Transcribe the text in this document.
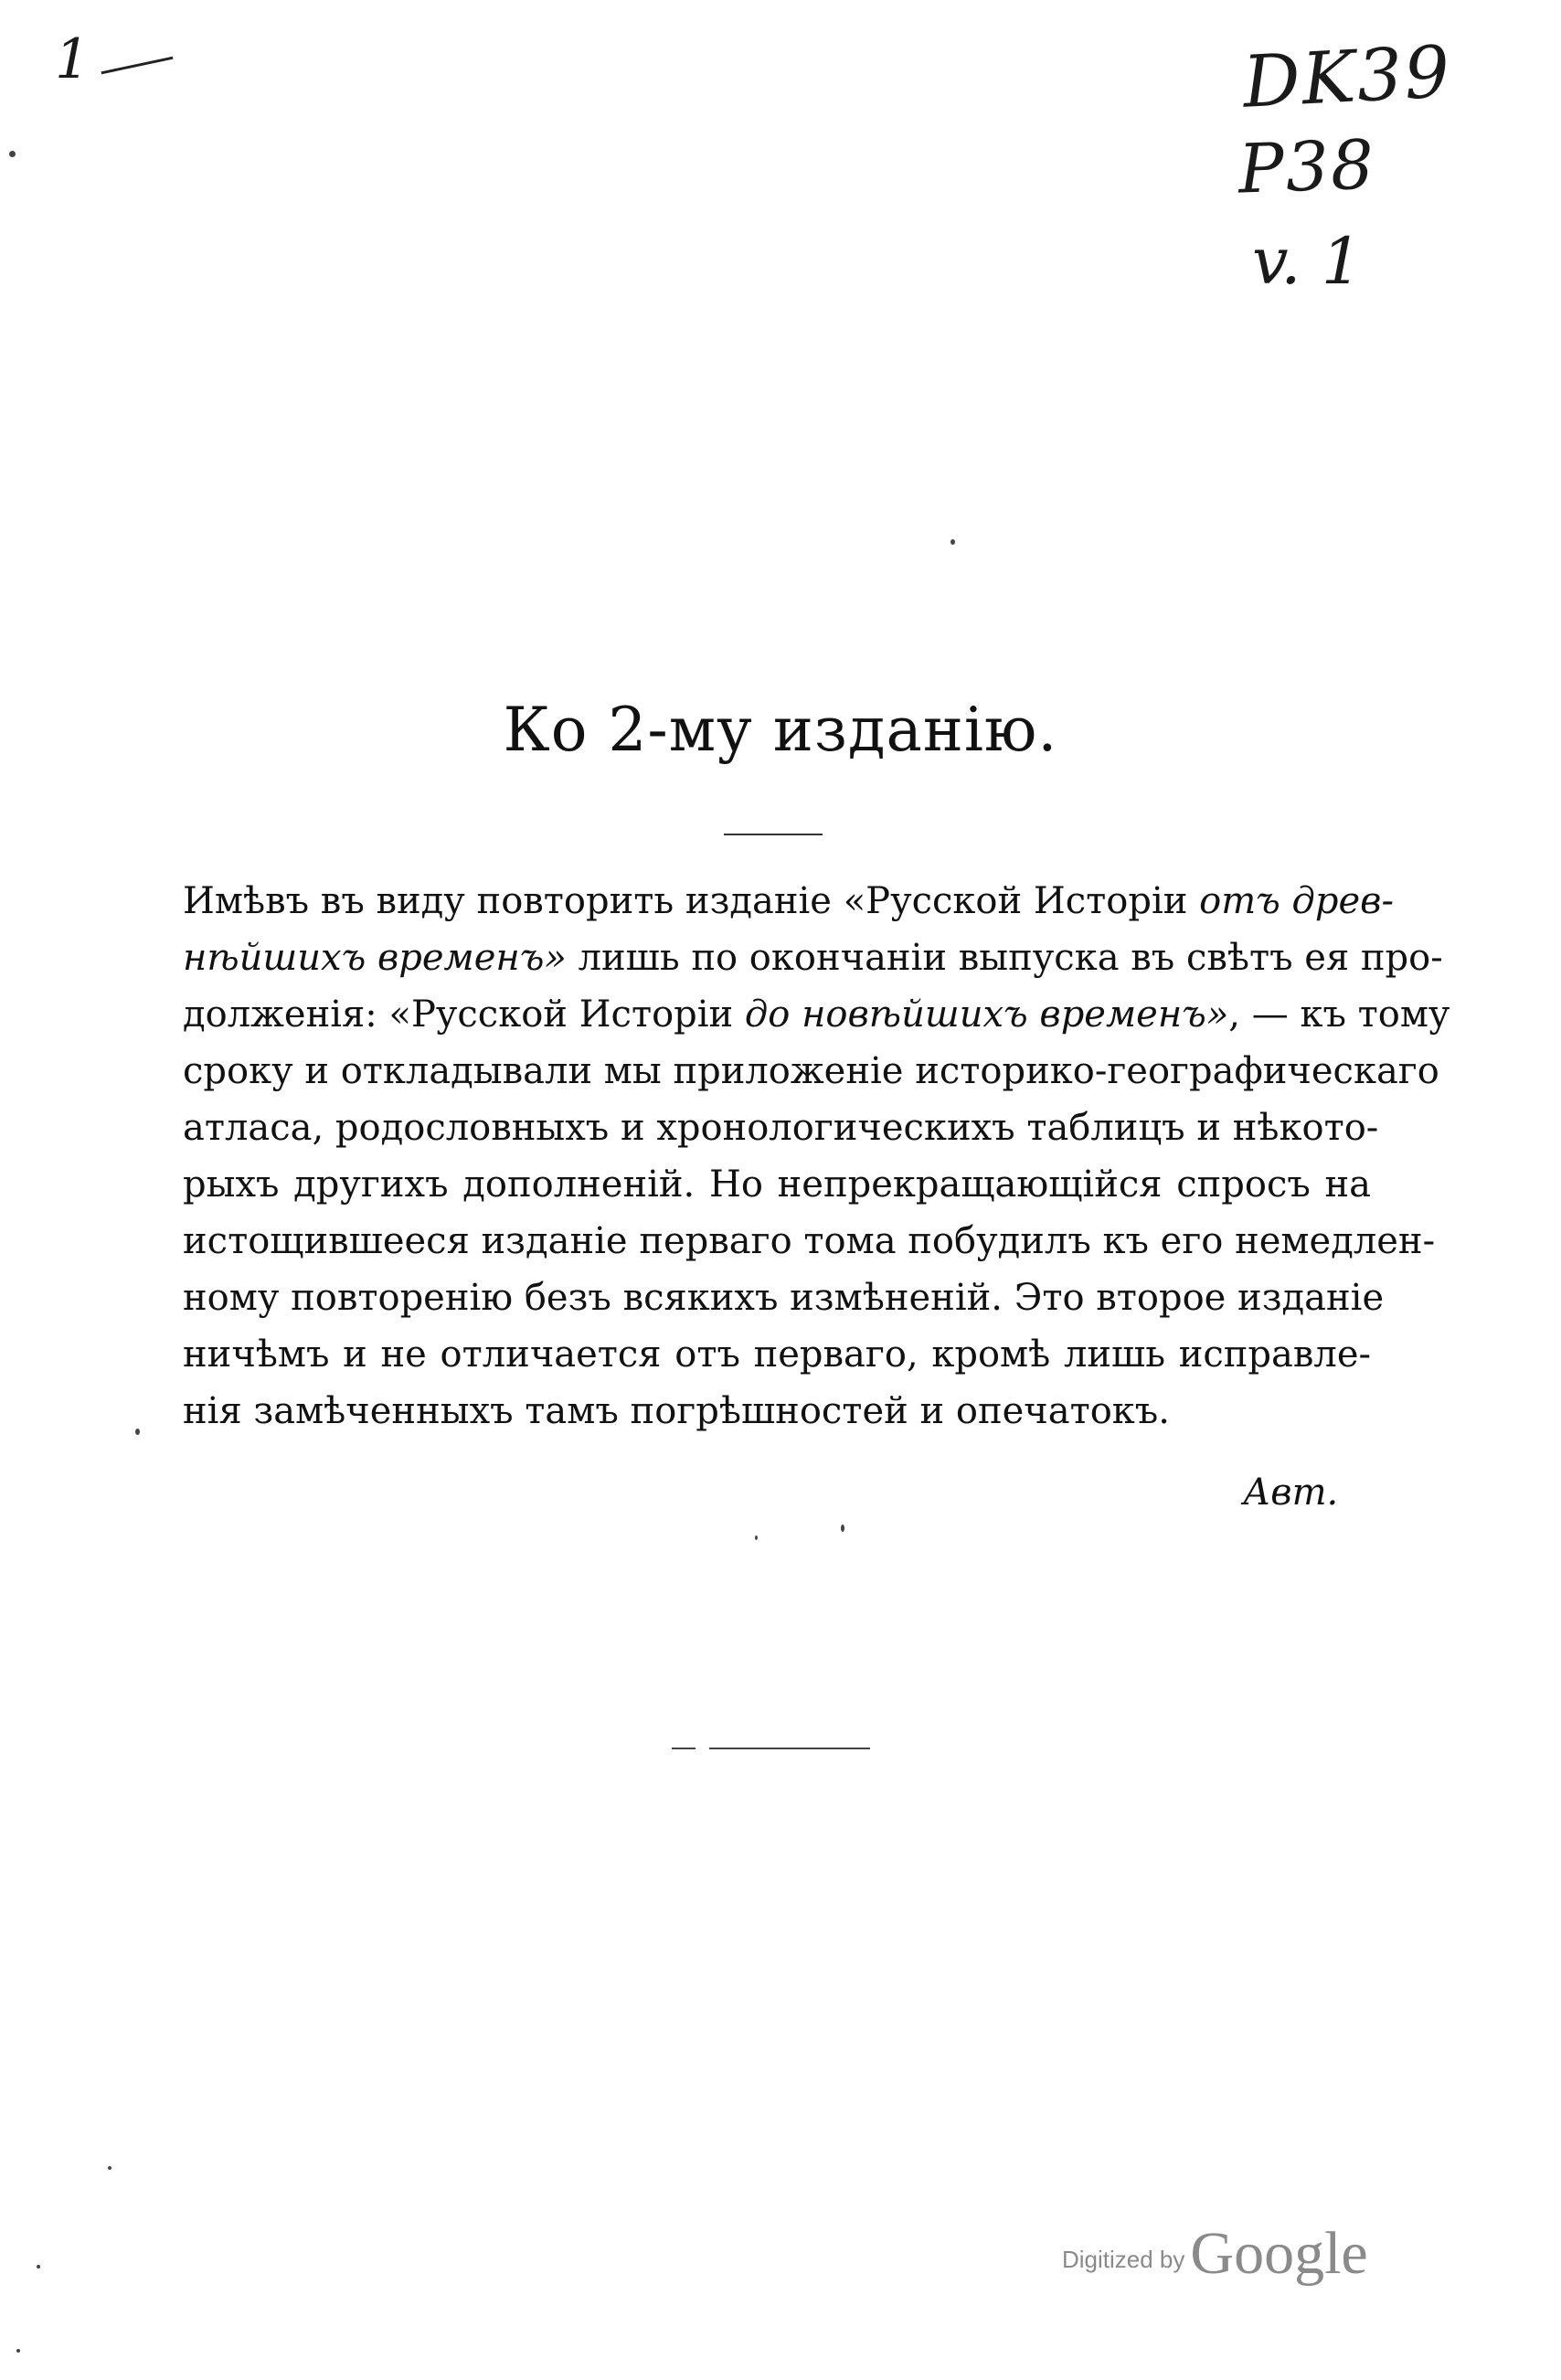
1	DK39
P38
v. 1
Ко 2-му изданію.
Имѣвъ въ виду повторить изданіе «Русской Исторіи отъ древ-
нѣйшихъ временъ» лишь по окончаніи выпуска въ свѣтъ ея про-
долженія: «Русской Исторіи до новѣйшихъ временъ», — къ тому
сроку и откладывали мы приложеніе историко-географическаго
атласа, родословныхъ и хронологическихъ таблицъ и нѣкото-
рыхъ другихъ дополненій. Но непрекращающійся спросъ на
истощившееся изданіе перваго тома побудилъ къ его немедлен-
ному повторенію безъ всякихъ измѣненій. Это второе изданіе
ничѣмъ и не отличается отъ перваго, кромѣ лишь исправле-
нія замѣченныхъ тамъ погрѣшностей и опечатокъ.
Авт.
Digitized byGoogle
